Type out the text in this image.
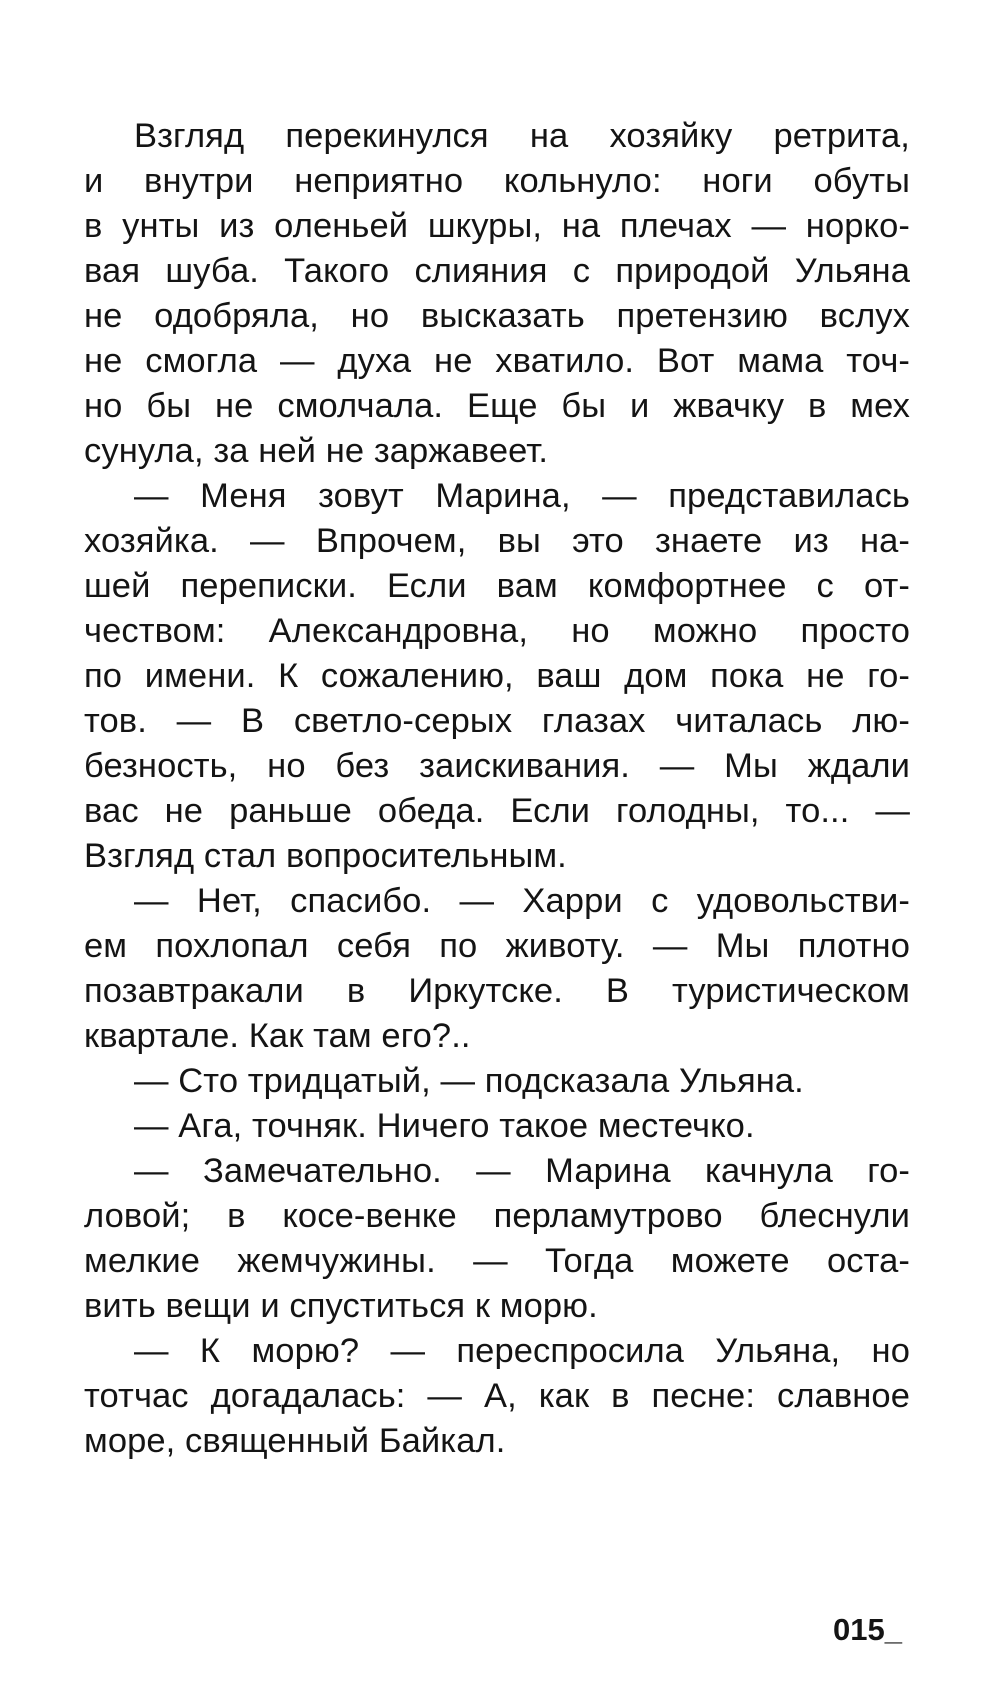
Взгляд перекинулся на хозяйку ретрита,
и внутри неприятно кольнуло: ноги обуты
в унты из оленьей шкуры, на плечах — норко-
вая шуба. Такого слияния с природой Ульяна
не одобряла, но высказать претензию вслух
не смогла — духа не хватило. Вот мама точ-
но бы не смолчала. Еще бы и жвачку в мех
сунула, за ней не заржавеет.
— Меня зовут Марина, — представилась
хозяйка. — Впрочем, вы это знаете из на-
шей переписки. Если вам комфортнее с от-
чеством: Александровна, но можно просто
по имени. К сожалению, ваш дом пока не го-
тов. — В светло-серых глазах читалась лю-
безность, но без заискивания. — Мы ждали
вас не раньше обеда. Если голодны, то... —
Взгляд стал вопросительным.
— Нет, спасибо. — Харри с удовольстви-
ем похлопал себя по животу. — Мы плотно
позавтракали в Иркутске. В туристическом
квартале. Как там его?..
— Сто тридцатый, — подсказала Ульяна.
— Ага, точняк. Ничего такое местечко.
— Замечательно. — Марина качнула го-
ловой; в косе-венке перламутрово блеснули
мелкие жемчужины. — Тогда можете оста-
вить вещи и спуститься к морю.
— К морю? — переспросила Ульяна, но
тотчас догадалась: — А, как в песне: славное
море, священный Байкал.
015_
